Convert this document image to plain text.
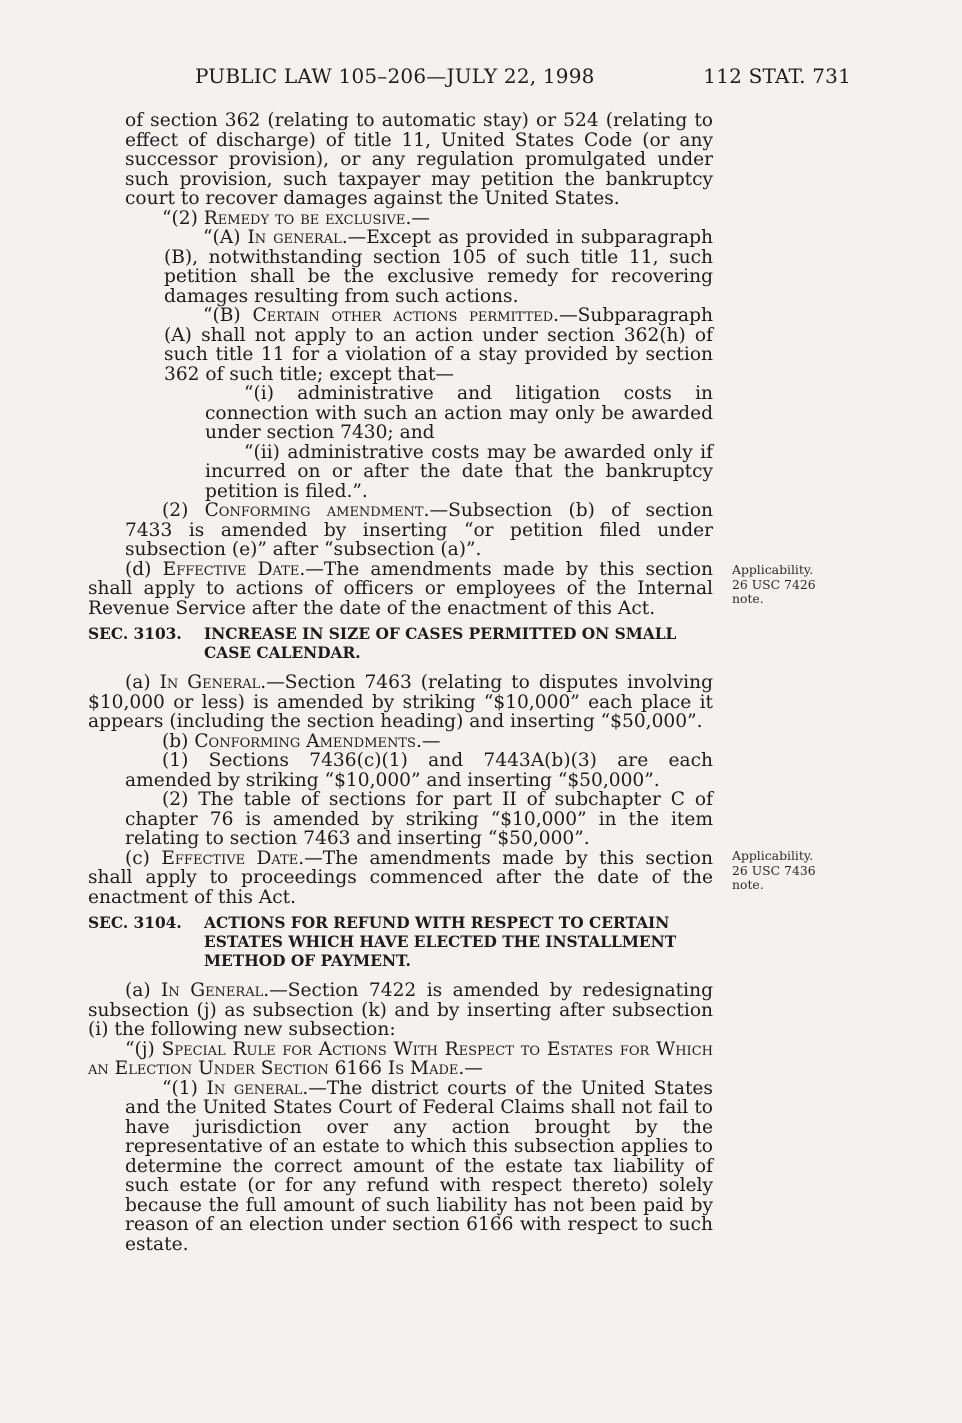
PUBLIC LAW 105–206—JULY 22, 1998	112 STAT. 731
Applicability.
26 USC 7426
note.
Applicability.
26 USC 7436
note.

of section 362 (relating to automatic stay) or 524 (relating to effect of discharge) of title 11, United States Code (or any successor provision), or any regulation promulgated under such provision, such taxpayer may petition the bankruptcy court to recover damages against the United States.

“(2) Remedy to be exclusive.—

“(A) In general.—Except as provided in subparagraph (B), notwithstanding section 105 of such title 11, such petition shall be the exclusive remedy for recovering damages resulting from such actions.

“(B) Certain other actions permitted.—Subparagraph (A) shall not apply to an action under section 362(h) of such title 11 for a violation of a stay provided by section 362 of such title; except that—

“(i) administrative and litigation costs in connection with such an action may only be awarded under section 7430; and

“(ii) administrative costs may be awarded only if incurred on or after the date that the bankruptcy petition is filed.”.

(2) Conforming amendment.—Subsection (b) of section 7433 is amended by inserting “or petition filed under subsection (e)” after “subsection (a)”.

(d) Effective Date.—The amendments made by this section shall apply to actions of officers or employees of the Internal Revenue Service after the date of the enactment of this Act.

SEC. 3103. INCREASE IN SIZE OF CASES PERMITTED ON SMALL CASE CALENDAR.

(a) In General.—Section 7463 (relating to disputes involving $10,000 or less) is amended by striking “$10,000” each place it appears (including the section heading) and inserting “$50,000”.

(b) Conforming Amendments.—

(1) Sections 7436(c)(1) and 7443A(b)(3) are each amended by striking “$10,000” and inserting “$50,000”.

(2) The table of sections for part II of subchapter C of chapter 76 is amended by striking “$10,000” in the item relating to section 7463 and inserting “$50,000”.

(c) Effective Date.—The amendments made by this section shall apply to proceedings commenced after the date of the enactment of this Act.

SEC. 3104. ACTIONS FOR REFUND WITH RESPECT TO CERTAIN ESTATES WHICH HAVE ELECTED THE INSTALLMENT METHOD OF PAYMENT.

(a) In General.—Section 7422 is amended by redesignating subsection (j) as subsection (k) and by inserting after subsection (i) the following new subsection:

“(j) Special Rule for Actions With Respect to Estates for Which an Election Under Section 6166 Is Made.—

“(1) In general.—The district courts of the United States and the United States Court of Federal Claims shall not fail to have jurisdiction over any action brought by the representative of an estate to which this subsection applies to determine the correct amount of the estate tax liability of such estate (or for any refund with respect thereto) solely because the full amount of such liability has not been paid by reason of an election under section 6166 with respect to such estate.
